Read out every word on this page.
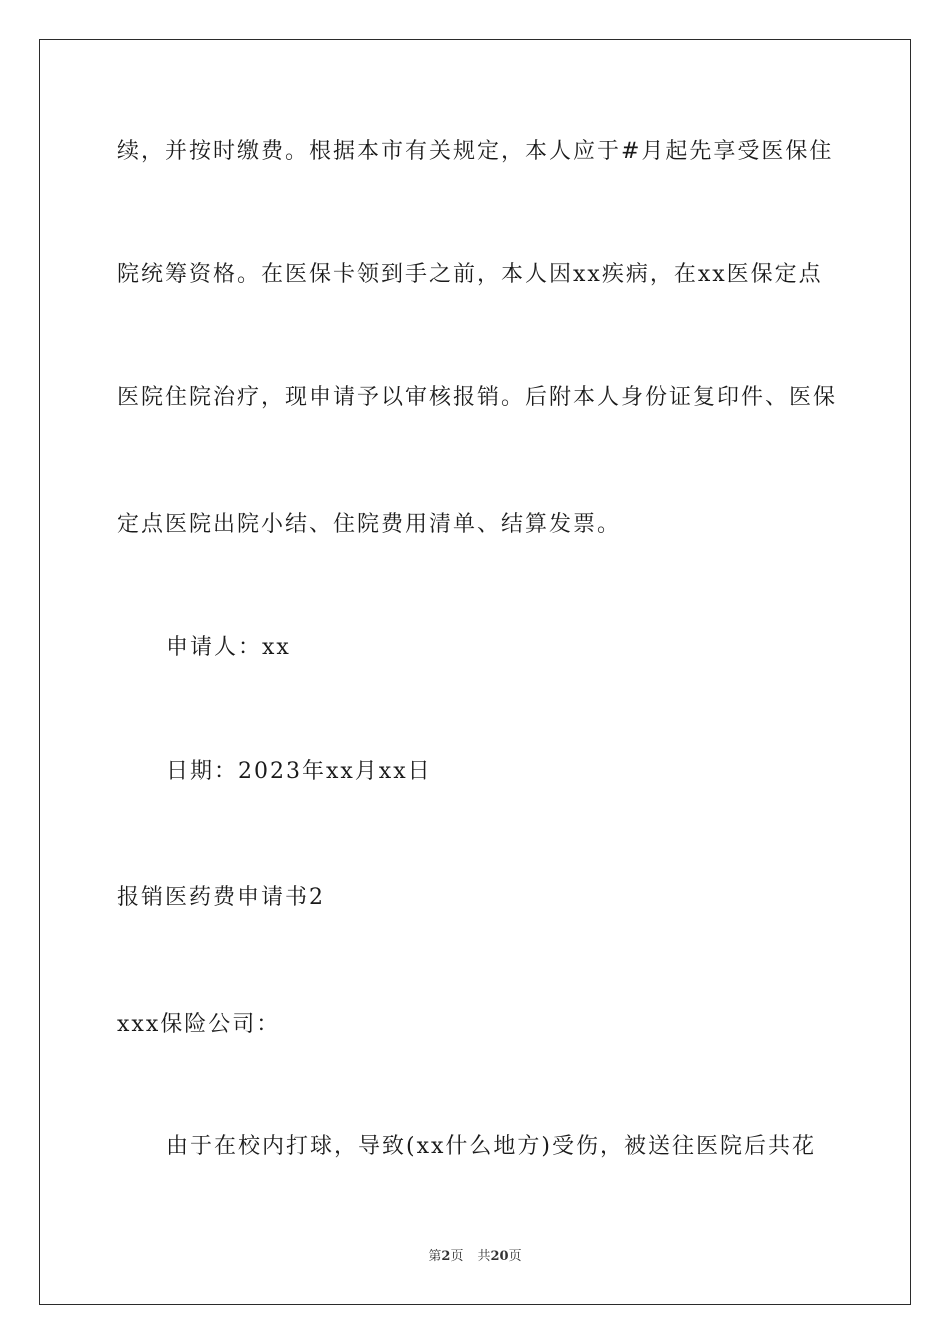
续，并按时缴费。根据本市有关规定，本人应于#月起先享受医保住
院统筹资格。在医保卡领到手之前，本人因xx疾病，在xx医保定点
医院住院治疗，现申请予以审核报销。后附本人身份证复印件、医保
定点医院出院小结、住院费用清单、结算发票。
申请人：xx
日期：2023年xx月xx日
报销医药费申请书2
xxx保险公司：
由于在校内打球，导致(xx什么地方)受伤，被送往医院后共花
第2页 共20页
